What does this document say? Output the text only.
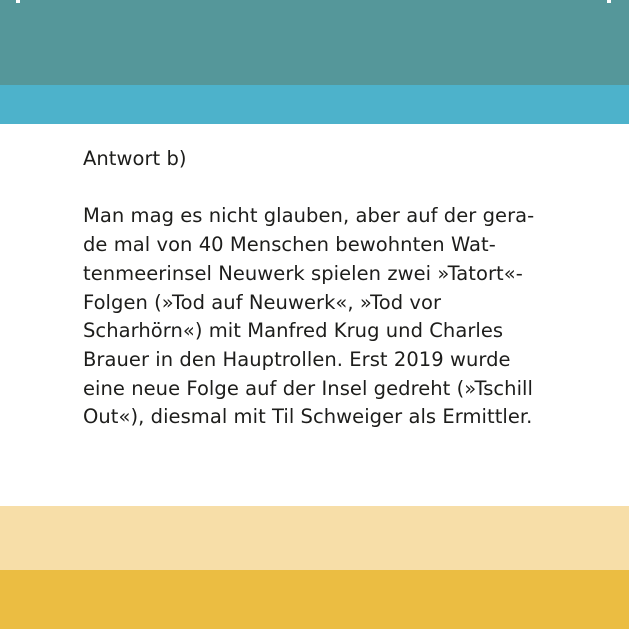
Antwort b)
Man mag es nicht glauben, aber auf der gera-
de mal von 40 Menschen bewohnten Wat-
tenmeerinsel Neuwerk spielen zwei »Tatort«-
Folgen (»Tod auf Neuwerk«, »Tod vor
Scharhörn«) mit Manfred Krug und Charles
Brauer in den Hauptrollen. Erst 2019 wurde
eine neue Folge auf der Insel gedreht (»Tschill
Out«), diesmal mit Til Schweiger als Ermittler.
